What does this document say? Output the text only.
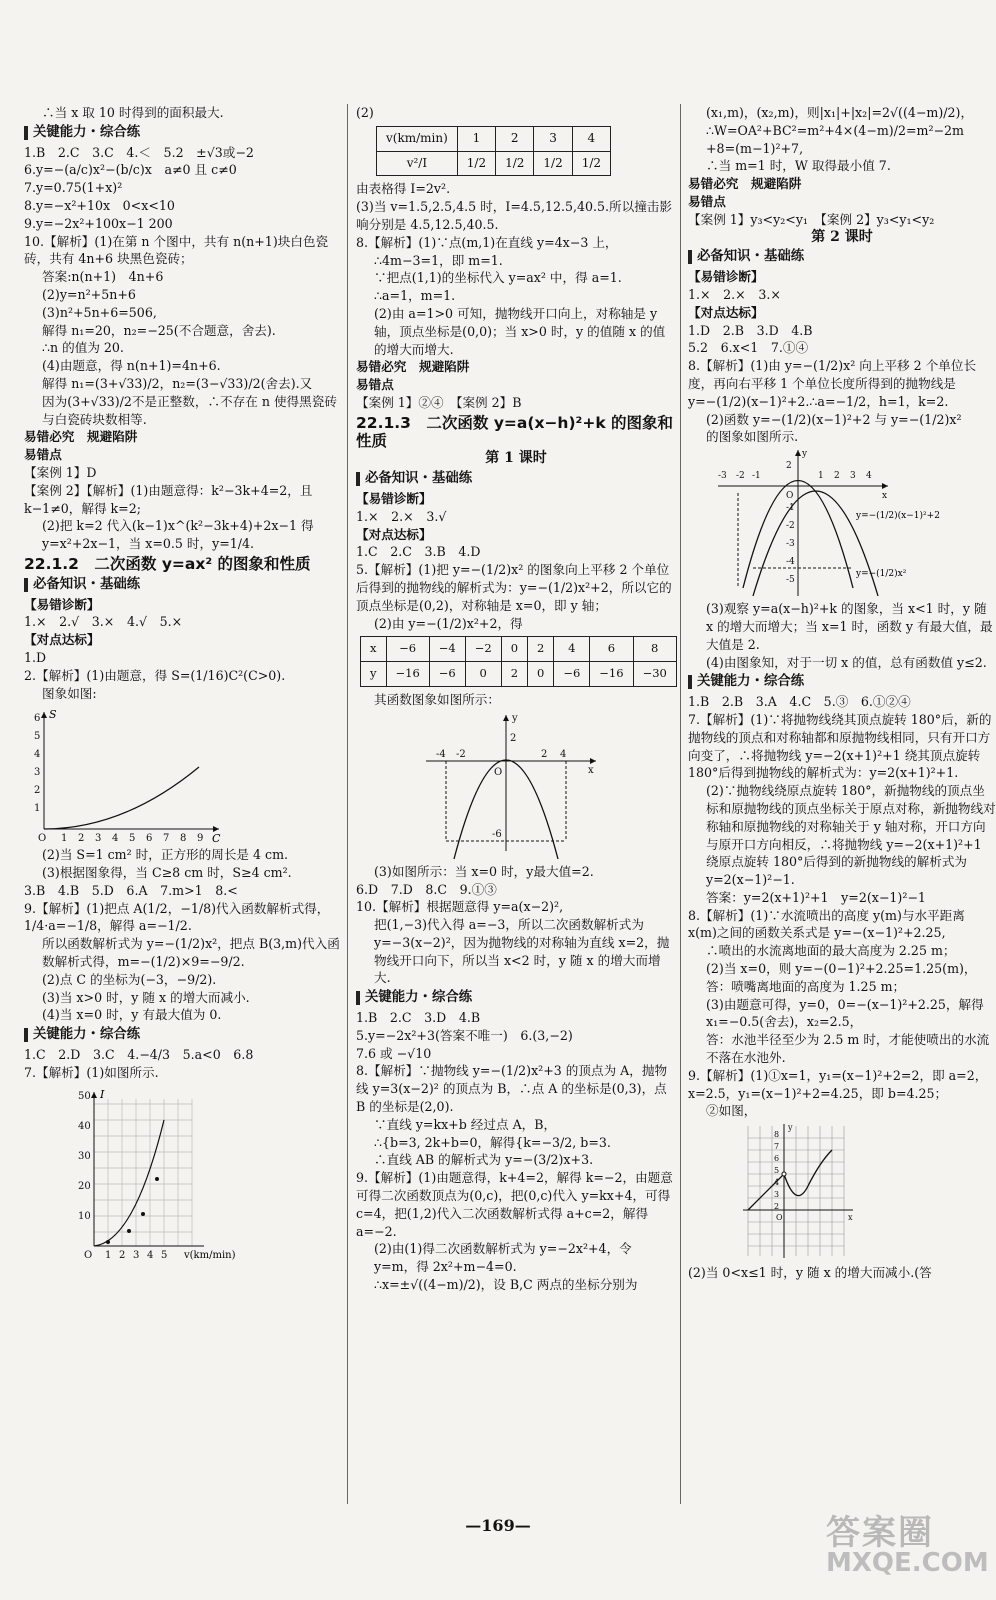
∴当 x 取 10 时得到的面积最大.
关键能力・综合练
1.B　2.C　3.C　4.＜　5.2　±√3或−2
6.y=−(a/c)x²−(b/c)x　a≠0 且 c≠0
7.y=0.75(1+x)²
8.y=−x²+10x　0<x<10
9.y=−2x²+100x−1 200
10.【解析】(1)在第 n 个图中，共有 n(n+1)块白色瓷砖，共有 4n+6 块黑色瓷砖；
答案:n(n+1)　4n+6
(2)y=n²+5n+6
(3)n²+5n+6=506,
解得 n₁=20，n₂=−25(不合题意，舍去).
∴n 的值为 20.
(4)由题意，得 n(n+1)=4n+6.
解得 n₁=(3+√33)/2，n₂=(3−√33)/2(舍去).又
因为(3+√33)/2不是正整数，∴不存在 n 使得黑瓷砖与白瓷砖块数相等.
易错必究　规避陷阱
易错点
【案例 1】D
【案例 2】【解析】(1)由题意得：k²−3k+4=2，且 k−1≠0，解得 k=2;
(2)把 k=2 代入(k−1)x^(k²−3k+4)+2x−1 得 y=x²+2x−1，当 x=0.5 时，y=1/4.
22.1.2　二次函数 y=ax² 的图象和性质
必备知识・基础练
【易错诊断】
1.×　2.√　3.×　4.√　5.×
【对点达标】
1.D
2.【解析】(1)由题意，得 S=(1/16)C²(C>0).
图象如图:
S
C
1
2
3
4
5
6
O 1 2 3 4 5 6 7 8 9
(2)当 S=1 cm² 时，正方形的周长是 4 cm.
(3)根据图象得，当 C≥8 cm 时，S≥4 cm².
3.B　4.B　5.D　6.A　7.m>1　8.<
9.【解析】(1)把点 A(1/2，−1/8)代入函数解析式得，1/4·a=−1/8，解得 a=−1/2.
所以函数解析式为 y=−(1/2)x²，把点 B(3,m)代入函数解析式得，m=−(1/2)×9=−9/2.
(2)点 C 的坐标为(−3，−9/2).
(3)当 x>0 时，y 随 x 的增大而减小.
(4)当 x=0 时，y 有最大值为 0.
关键能力・综合练
1.C　2.D　3.C　4.−4/3　5.a<0　6.8
7.【解析】(1)如图所示.
I
10
20
30
40
50
O 1 2 3 4 5 v(km/min)
(2)
v(km/min)	1	2	3	4
v²/I	1/2	1/2	1/2	1/2
由表格得 I=2v².
(3)当 v=1.5,2.5,4.5 时，I=4.5,12.5,40.5.所以撞击影响分别是 4.5,12.5,40.5.
8.【解析】(1)∵点(m,1)在直线 y=4x−3 上，
∴4m−3=1，即 m=1.
∵把点(1,1)的坐标代入 y=ax² 中，得 a=1.
∴a=1，m=1.
(2)由 a=1>0 可知，抛物线开口向上，对称轴是 y 轴，顶点坐标是(0,0)；当 x>0 时，y 的值随 x 的值的增大而增大.
易错必究　规避陷阱
易错点
【案例 1】②④　【案例 2】B
22.1.3　二次函数 y=a(x−h)²+k 的图象和性质
第 1 课时
必备知识・基础练
【易错诊断】
1.×　2.×　3.√
【对点达标】
1.C　2.C　3.B　4.D
5.【解析】(1)把 y=−(1/2)x² 的图象向上平移 2 个单位后得到的抛物线的解析式为：y=−(1/2)x²+2，所以它的顶点坐标是(0,2)，对称轴是 x=0，即 y 轴；
(2)由 y=−(1/2)x²+2，得
x	−6	−4	−2	0	2	4	6	8
y	−16	−6	0	2	0	−6	−16	−30
其函数图象如图所示：
-4 -2	2 4
O
2
-6
y
x
(3)如图所示：当 x=0 时，y最大值=2.
6.D　7.D　8.C　9.①③
10.【解析】根据题意得 y=a(x−2)²,
把(1,−3)代入得 a=−3，所以二次函数解析式为 y=−3(x−2)²，因为抛物线的对称轴为直线 x=2，抛物线开口向下，所以当 x<2 时，y 随 x 的增大而增大.
关键能力・综合练
1.B　2.C　3.D　4.B
5.y=−2x²+3(答案不唯一)　6.(3,−2)
7.6 或 −√10
8.【解析】∵抛物线 y=−(1/2)x²+3 的顶点为 A，抛物线 y=3(x−2)² 的顶点为 B，∴点 A 的坐标是(0,3)，点 B 的坐标是(2,0).
∵直线 y=kx+b 经过点 A，B，
∴{b=3, 2k+b=0，解得{k=−3/2, b=3.
∴直线 AB 的解析式为 y=−(3/2)x+3.
9.【解析】(1)由题意得，k+4=2，解得 k=−2，由题意可得二次函数顶点为(0,c)，把(0,c)代入 y=kx+4，可得 c=4，把(1,2)代入二次函数解析式得 a+c=2，解得 a=−2.
(2)由(1)得二次函数解析式为 y=−2x²+4，令 y=m，得 2x²+m−4=0.
∴x=±√((4−m)/2)，设 B,C 两点的坐标分别为
(x₁,m)，(x₂,m)，则|x₁|+|x₂|=2√((4−m)/2)，
∴W=OA²+BC²=m²+4×(4−m)/2=m²−2m
+8=(m−1)²+7,
∴当 m=1 时，W 取得最小值 7.
易错必究　规避陷阱
易错点
【案例 1】y₃<y₂<y₁　【案例 2】y₃<y₁<y₂
第 2 课时
必备知识・基础练
【易错诊断】
1.×　2.×　3.×
【对点达标】
1.D　2.B　3.D　4.B
5.2　6.x<1　7.①④
8.【解析】(1)由 y=−(1/2)x² 向上平移 2 个单位长度，再向右平移 1 个单位长度所得到的抛物线是 y=−(1/2)(x−1)²+2.∴a=−1/2，h=1，k=2.
(2)函数 y=−(1/2)(x−1)²+2 与 y=−(1/2)x²
的图象如图所示.
-3 -2 -1	1 2 3 4
O
2
-1
-2
-3
-4
-5
y
x
y=−(1/2)(x−1)²+2
y=−(1/2)x²
(3)观察 y=a(x−h)²+k 的图象，当 x<1 时，y 随 x 的增大而增大；当 x=1 时，函数 y 有最大值，最大值是 2.
(4)由图象知，对于一切 x 的值，总有函数值 y≤2.
关键能力・综合练
1.B　2.B　3.A　4.C　5.③　6.①②④
7.【解析】(1)∵将抛物线绕其顶点旋转 180°后，新的抛物线的顶点和对称轴都和原抛物线相同，只有开口方向变了，∴将抛物线 y=−2(x+1)²+1 绕其顶点旋转 180°后得到抛物线的解析式为：y=2(x+1)²+1.
(2)∵抛物线绕原点旋转 180°，新抛物线的顶点坐标和原抛物线的顶点坐标关于原点对称，新抛物线对称轴和原抛物线的对称轴关于 y 轴对称，开口方向与原开口方向相反，∴将抛物线 y=−2(x+1)²+1 绕原点旋转 180°后得到的新抛物线的解析式为 y=2(x−1)²−1.
答案：y=2(x+1)²+1　y=2(x−1)²−1
8.【解析】(1)∵水流喷出的高度 y(m)与水平距离 x(m)之间的函数关系式是 y=−(x−1)²+2.25,
∴喷出的水流离地面的最大高度为 2.25 m；
(2)当 x=0，则 y=−(0−1)²+2.25=1.25(m)，
答：喷嘴离地面的高度为 1.25 m；
(3)由题意可得，y=0，0=−(x−1)²+2.25，解得 x₁=−0.5(舍去)，x₂=2.5，
答：水池半径至少为 2.5 m 时，才能使喷出的水流不落在水池外.
9.【解析】(1)①x=1，y₁=(x−1)²+2=2，即 a=2，x=2.5，y₁=(x−1)²+2=4.25，即 b=4.25；
②如图，
y
x
O
8
7
6
5
4
3
2
(2)当 0<x≤1 时，y 随 x 的增大而减小.(答
—169—	答案圈
MXQE.COM
